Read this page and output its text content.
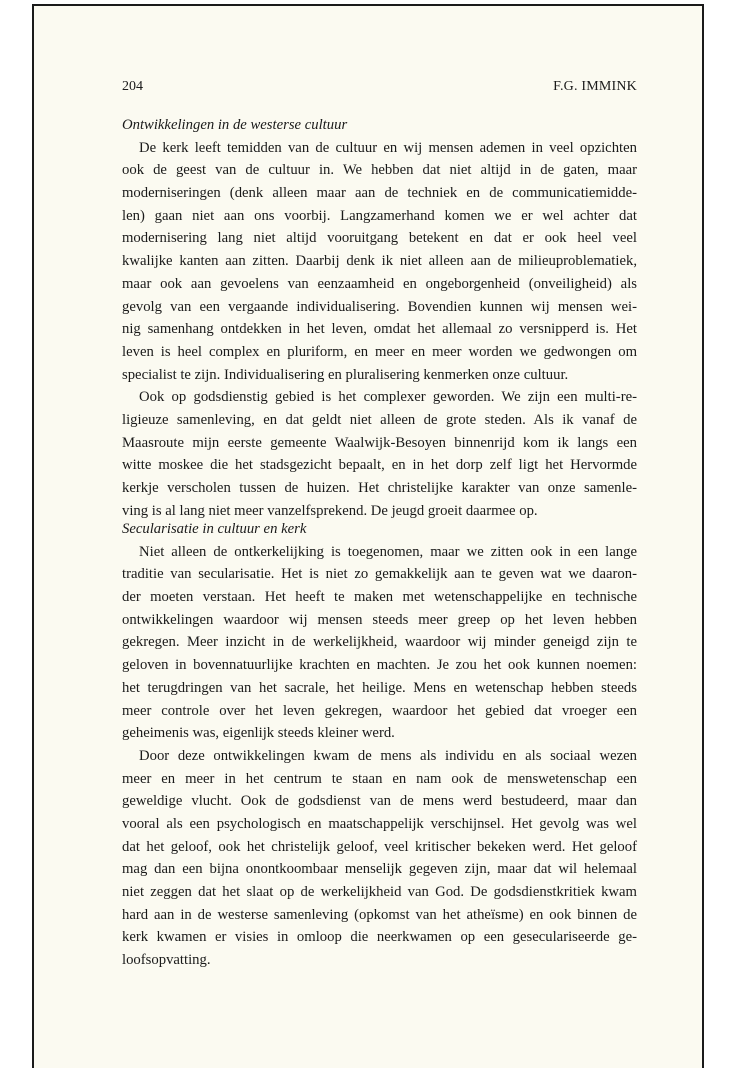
204	F.G. IMMINK
Ontwikkelingen in de westerse cultuur
De kerk leeft temidden van de cultuur en wij mensen ademen in veel opzichten
ook de geest van de cultuur in. We hebben dat niet altijd in de gaten, maar
moderniseringen (denk alleen maar aan de techniek en de communicatiemidde-
len) gaan niet aan ons voorbij. Langzamerhand komen we er wel achter dat
modernisering lang niet altijd vooruitgang betekent en dat er ook heel veel
kwalijke kanten aan zitten. Daarbij denk ik niet alleen aan de milieuproblematiek,
maar ook aan gevoelens van eenzaamheid en ongeborgenheid (onveiligheid) als
gevolg van een vergaande individualisering. Bovendien kunnen wij mensen wei-
nig samenhang ontdekken in het leven, omdat het allemaal zo versnipperd is. Het
leven is heel complex en pluriform, en meer en meer worden we gedwongen om
specialist te zijn. Individualisering en pluralisering kenmerken onze cultuur.
Ook op godsdienstig gebied is het complexer geworden. We zijn een multi-re-
ligieuze samenleving, en dat geldt niet alleen de grote steden. Als ik vanaf de
Maasroute mijn eerste gemeente Waalwijk-Besoyen binnenrijd kom ik langs een
witte moskee die het stadsgezicht bepaalt, en in het dorp zelf ligt het Hervormde
kerkje verscholen tussen de huizen. Het christelijke karakter van onze samenle-
ving is al lang niet meer vanzelfsprekend. De jeugd groeit daarmee op.
Secularisatie in cultuur en kerk
Niet alleen de ontkerkelijking is toegenomen, maar we zitten ook in een lange
traditie van secularisatie. Het is niet zo gemakkelijk aan te geven wat we daaron-
der moeten verstaan. Het heeft te maken met wetenschappelijke en technische
ontwikkelingen waardoor wij mensen steeds meer greep op het leven hebben
gekregen. Meer inzicht in de werkelijkheid, waardoor wij minder geneigd zijn te
geloven in bovennatuurlijke krachten en machten. Je zou het ook kunnen noemen:
het terugdringen van het sacrale, het heilige. Mens en wetenschap hebben steeds
meer controle over het leven gekregen, waardoor het gebied dat vroeger een
geheimenis was, eigenlijk steeds kleiner werd.
Door deze ontwikkelingen kwam de mens als individu en als sociaal wezen
meer en meer in het centrum te staan en nam ook de menswetenschap een
geweldige vlucht. Ook de godsdienst van de mens werd bestudeerd, maar dan
vooral als een psychologisch en maatschappelijk verschijnsel. Het gevolg was wel
dat het geloof, ook het christelijk geloof, veel kritischer bekeken werd. Het geloof
mag dan een bijna onontkoombaar menselijk gegeven zijn, maar dat wil helemaal
niet zeggen dat het slaat op de werkelijkheid van God. De godsdienstkritiek kwam
hard aan in de westerse samenleving (opkomst van het atheïsme) en ook binnen de
kerk kwamen er visies in omloop die neerkwamen op een geseculariseerde ge-
loofsopvatting.
